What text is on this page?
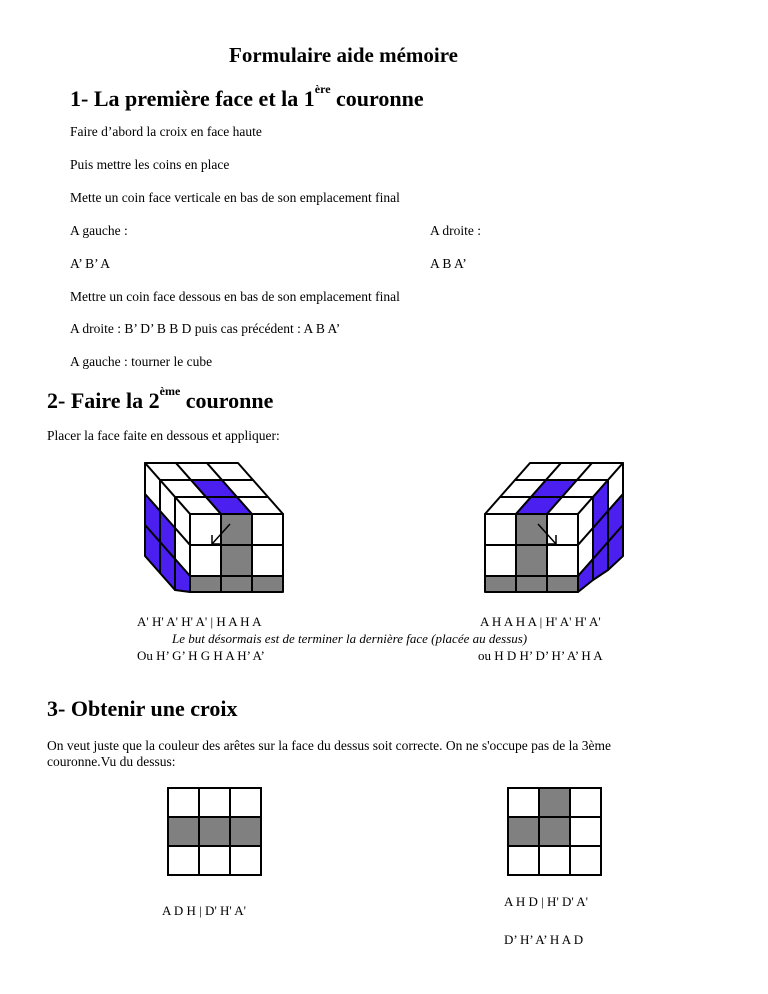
Formulaire aide mémoire
1- La première face et la 1ère couronne
Faire d’abord la croix en face haute
Puis mettre les coins en place
Mette un coin face verticale en bas de son emplacement final
A gauche :	A droite :
A’ B’ A	A B A’
Mettre un coin face dessous en bas de son emplacement final
A droite : B’ D’ B B D puis cas précédent : A B A’
A gauche : tourner le cube
2- Faire la 2ème couronne
Placer la face faite en dessous et appliquer:
A' H' A' H' A' | H A H A	A H A H A | H' A' H' A'
Le but désormais est de terminer la dernière face (placée au dessus)
Ou H’ G’ H G H A H’ A’	ou H D H’ D’ H’ A’ H A
3- Obtenir une croix
On veut juste que la couleur des arêtes sur la face du dessus soit correcte. On ne s'occupe pas de la 3ème
couronne.Vu du dessus:
A D H | D' H' A'
A H D | H' D' A'
D’ H’ A’ H A D
